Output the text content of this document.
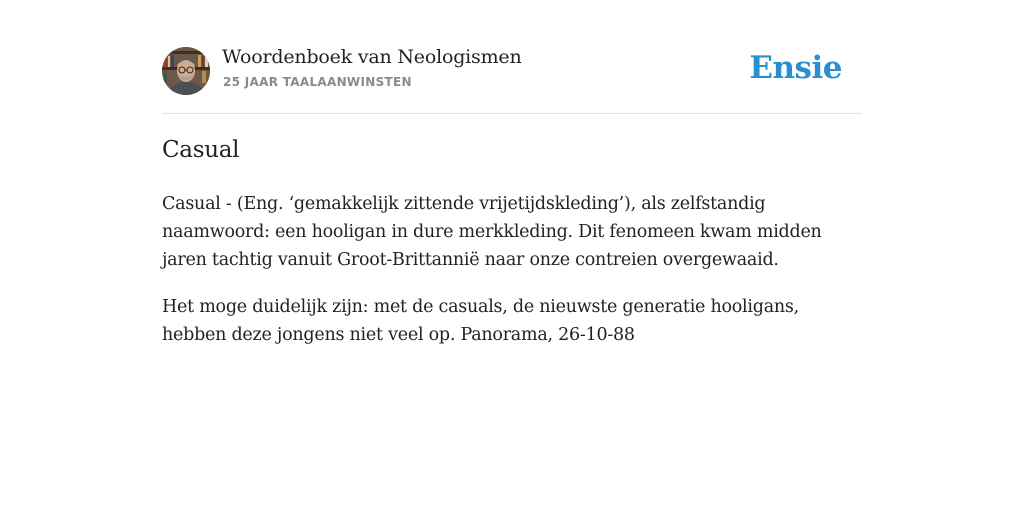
Woordenboek van Neologismen
25 JAAR TAALAANWINSTEN	Ensie
Casual

Casual - (Eng. ‘gemakkelijk zittende vrijetijdskleding’), als zelfstandig naamwoord: een hooligan in dure merkkleding. Dit fenomeen kwam midden jaren tachtig vanuit Groot-Brittannië naar onze contreien overgewaaid.

Het moge duidelijk zijn: met de casuals, de nieuwste generatie hooligans, hebben deze jongens niet veel op. Panorama, 26-10-88
